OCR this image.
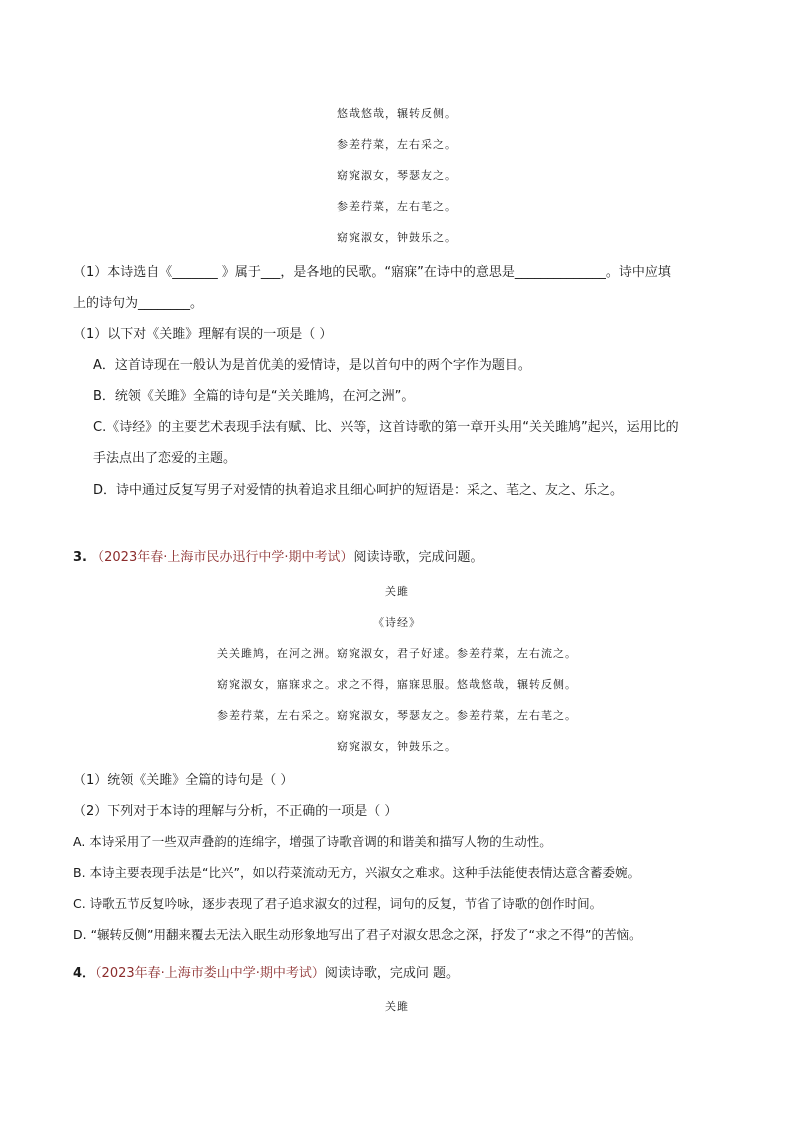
悠哉悠哉，辗转反侧。
参差荇菜，左右采之。
窈窕淑女，琴瑟友之。
参差荇菜，左右芼之。
窈窕淑女，钟鼓乐之。
（1）本诗选自《_______ 》属于___，是各地的民歌。“寤寐”在诗中的意思是______________。诗中应填
上的诗句为________。
（1）以下对《关雎》理解有误的一项是（ ）
A．这首诗现在一般认为是首优美的爱情诗，是以首句中的两个字作为题目。
B．统领《关雎》全篇的诗句是“关关雎鸠，在河之洲”。
C.《诗经》的主要艺术表现手法有赋、比、兴等，这首诗歌的第一章开头用“关关雎鸠”起兴，运用比的
手法点出了恋爱的主题。
D．诗中通过反复写男子对爱情的执着追求且细心呵护的短语是：采之、芼之、友之、乐之。
3. （2023年春·上海市民办迅行中学·期中考试）阅读诗歌，完成问题。
关雎
《诗经》
关关雎鸠，在河之洲。窈窕淑女，君子好逑。参差荇菜，左右流之。
窈窕淑女，寤寐求之。求之不得，寤寐思服。悠哉悠哉，辗转反侧。
参差荇菜，左右采之。窈窕淑女，琴瑟友之。参差荇菜，左右芼之。
窈窕淑女，钟鼓乐之。
（1）统领《关雎》全篇的诗句是（ ）
（2）下列对于本诗的理解与分析，不正确的一项是（ ）
A. 本诗采用了一些双声叠韵的连绵字，增强了诗歌音调的和谐美和描写人物的生动性。
B. 本诗主要表现手法是“比兴”，如以荇菜流动无方，兴淑女之难求。这种手法能使表情达意含蓄委婉。
C. 诗歌五节反复吟咏，逐步表现了君子追求淑女的过程，词句的反复，节省了诗歌的创作时间。
D. “辗转反侧”用翻来覆去无法入眠生动形象地写出了君子对淑女思念之深，抒发了“求之不得”的苦恼。
4．（2023年春·上海市娄山中学·期中考试）阅读诗歌，完成问 题。
关雎
